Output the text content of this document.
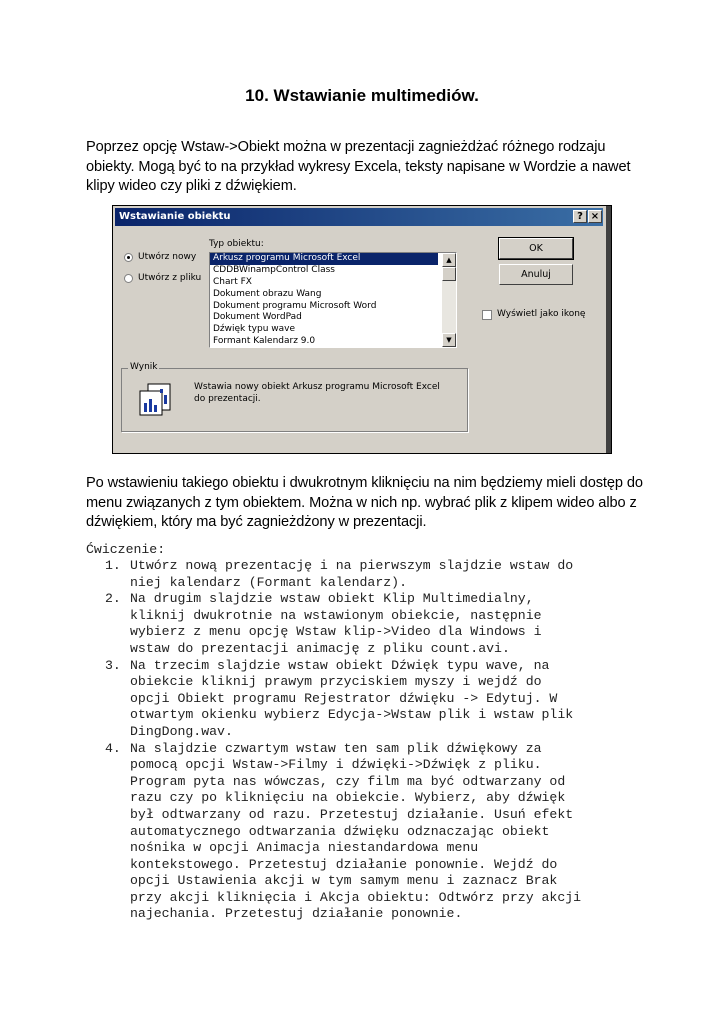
10. Wstawianie multimediów.
Poprzez opcję Wstaw->Obiekt można w prezentacji zagnieżdżać różnego rodzaju obiekty. Mogą być to na przykład wykresy Excela, teksty napisane w Wordzie a nawet klipy wideo czy pliki z dźwiękiem.
Wstawianie obiektu	? ×
Utwórz nowy
Utwórz z pliku
Typ obiektu:
Arkusz programu Microsoft Excel
CDDBWinampControl Class
Chart FX
Dokument obrazu Wang
Dokument programu Microsoft Word
Dokument WordPad
Dźwięk typu wave
Formant Kalendarz 9.0
▲
▼
OK
Anuluj
Wyświetl jako ikonę
Wynik
Wstawia nowy obiekt Arkusz programu Microsoft Excel do prezentacji.
Po wstawieniu takiego obiektu i dwukrotnym kliknięciu na nim będziemy mieli dostęp do menu związanych z tym obiektem. Można w nich np. wybrać plik z klipem wideo albo z dźwiękiem, który ma być zagnieżdżony w prezentacji.
Ćwiczenie:
1. Utwórz nową prezentację i na pierwszym slajdzie wstaw do
niej kalendarz (Formant kalendarz).
2. Na drugim slajdzie wstaw obiekt Klip Multimedialny,
kliknij dwukrotnie na wstawionym obiekcie, następnie
wybierz z menu opcję Wstaw klip->Video dla Windows i
wstaw do prezentacji animację z pliku count.avi.
3. Na trzecim slajdzie wstaw obiekt Dźwięk typu wave, na
obiekcie kliknij prawym przyciskiem myszy i wejdź do
opcji Obiekt programu Rejestrator dźwięku -> Edytuj. W
otwartym okienku wybierz Edycja->Wstaw plik i wstaw plik
DingDong.wav.
4. Na slajdzie czwartym wstaw ten sam plik dźwiękowy za
pomocą opcji Wstaw->Filmy i dźwięki->Dźwięk z pliku.
Program pyta nas wówczas, czy film ma być odtwarzany od
razu czy po kliknięciu na obiekcie. Wybierz, aby dźwięk
był odtwarzany od razu. Przetestuj działanie. Usuń efekt
automatycznego odtwarzania dźwięku odznaczając obiekt
nośnika w opcji Animacja niestandardowa menu
kontekstowego. Przetestuj działanie ponownie. Wejdź do
opcji Ustawienia akcji w tym samym menu i zaznacz Brak
przy akcji kliknięcia i Akcja obiektu: Odtwórz przy akcji
najechania. Przetestuj działanie ponownie.
